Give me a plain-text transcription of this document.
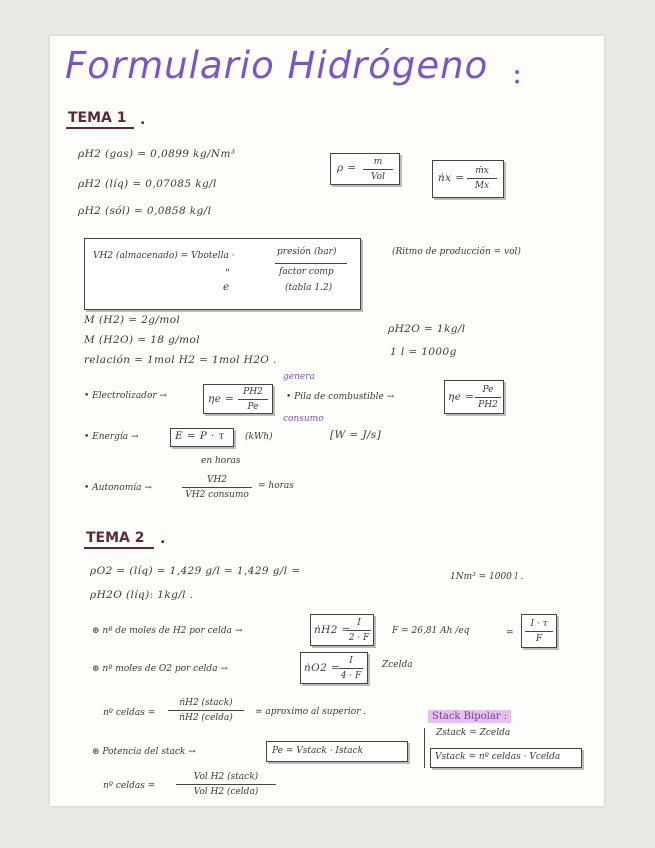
Formulario Hidrógeno :
TEMA 1 .
ρH2 (gas) = 0,0899 kg/Nm³
ρH2 (líq) = 0,07085 kg/l
ρH2 (sól) = 0,0858 kg/l
ρ =	m
Vol	ṅx =
ṁx
Mx
VH2 (almacenado) = Vbotella ·
"
e
presión (bar)
factor comp
(tabla 1.2)
(Ritmo de producción = vol)
M (H2) = 2g/mol
M (H2O) = 18 g/mol
relación = 1mol H2 = 1mol H2O .
ρH2O = 1kg/l
1 l = 1000g
• Electrolizador →	ηe =
PH2
Pe
genera
consumo
• Pila de combustible →	ηe =
Pe
PH2
• Energía →	E = P · τ (kWh)	[W = J/s]
en horas
• Autonomía →
VH2
V̇H2 consumo
= horas
TEMA 2 .
ρO2 = (líq) = 1,429 g/l = 1,429 g/l =
ρH2O (líq): 1kg/l .
1Nm³ = 1000 l .
⊛ nº de moles de H2 por celda →	ṅH2 =
I
2 · F
F = 26,81 Ah /eq	=
I · τ
F
⊛ nº moles de O2 por celda →	ṅO2 =
I
4 · F
Zcelda
nº celdas =
ṅH2 (stack)
ṅH2 (celda)
≃ aproximo al superior .	Stack Bipolar :
Zstack = Zcelda
Vstack = nº celdas · Vcelda
⊛ Potencia del stack →	Pe = Vstack · Istack
nº celdas =
Vol H2 (stack)
Vol H2 (celda)
